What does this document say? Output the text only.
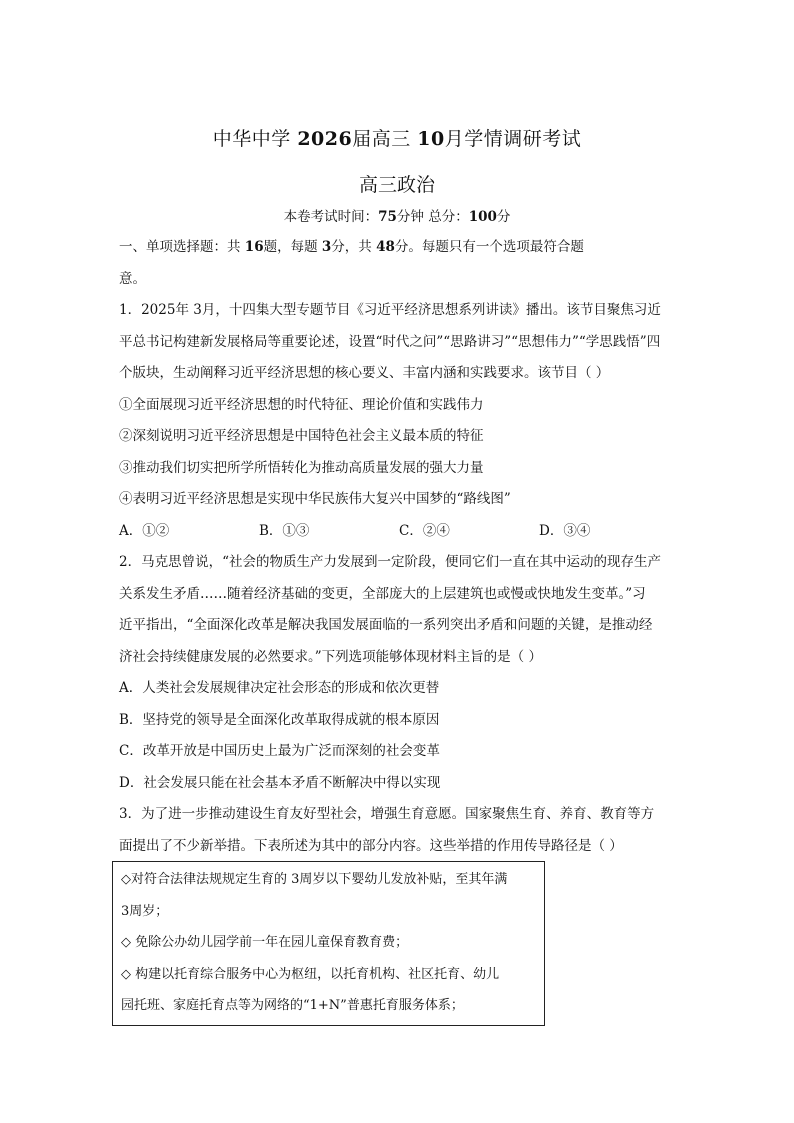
中华中学 2026届高三 10月学情调研考试
高三政治
本卷考试时间：75分钟 总分：100分
一、单项选择题：共 16题，每题 3分，共 48分。每题只有一个选项最符合题
意。
1．2025年 3月，十四集大型专题节目《习近平经济思想系列讲读》播出。该节目聚焦习近
平总书记构建新发展格局等重要论述，设置“时代之问”“思路讲习”“思想伟力”“学思践悟”四
个版块，生动阐释习近平经济思想的核心要义、丰富内涵和实践要求。该节目（ ）
①全面展现习近平经济思想的时代特征、理论价值和实践伟力
②深刻说明习近平经济思想是中国特色社会主义最本质的特征
③推动我们切实把所学所悟转化为推动高质量发展的强大力量
④表明习近平经济思想是实现中华民族伟大复兴中国梦的“路线图”
A．①②	B．①③	C．②④	D．③④
2．马克思曾说，“社会的物质生产力发展到一定阶段，便同它们一直在其中运动的现存生产
关系发生矛盾……随着经济基础的变更，全部庞大的上层建筑也或慢或快地发生变革。”习
近平指出，“全面深化改革是解决我国发展面临的一系列突出矛盾和问题的关键，是推动经
济社会持续健康发展的必然要求。”下列选项能够体现材料主旨的是（ ）
A．人类社会发展规律决定社会形态的形成和依次更替
B．坚持党的领导是全面深化改革取得成就的根本原因
C．改革开放是中国历史上最为广泛而深刻的社会变革
D．社会发展只能在社会基本矛盾不断解决中得以实现
3．为了进一步推动建设生育友好型社会，增强生育意愿。国家聚焦生育、养育、教育等方
面提出了不少新举措。下表所述为其中的部分内容。这些举措的作用传导路径是（ ）
◇对符合法律法规规定生育的 3周岁以下婴幼儿发放补贴，至其年满
3周岁；
◇ 免除公办幼儿园学前一年在园儿童保育教育费；
◇ 构建以托育综合服务中心为枢纽，以托育机构、社区托育、幼儿
园托班、家庭托育点等为网络的“1+N”普惠托育服务体系；
